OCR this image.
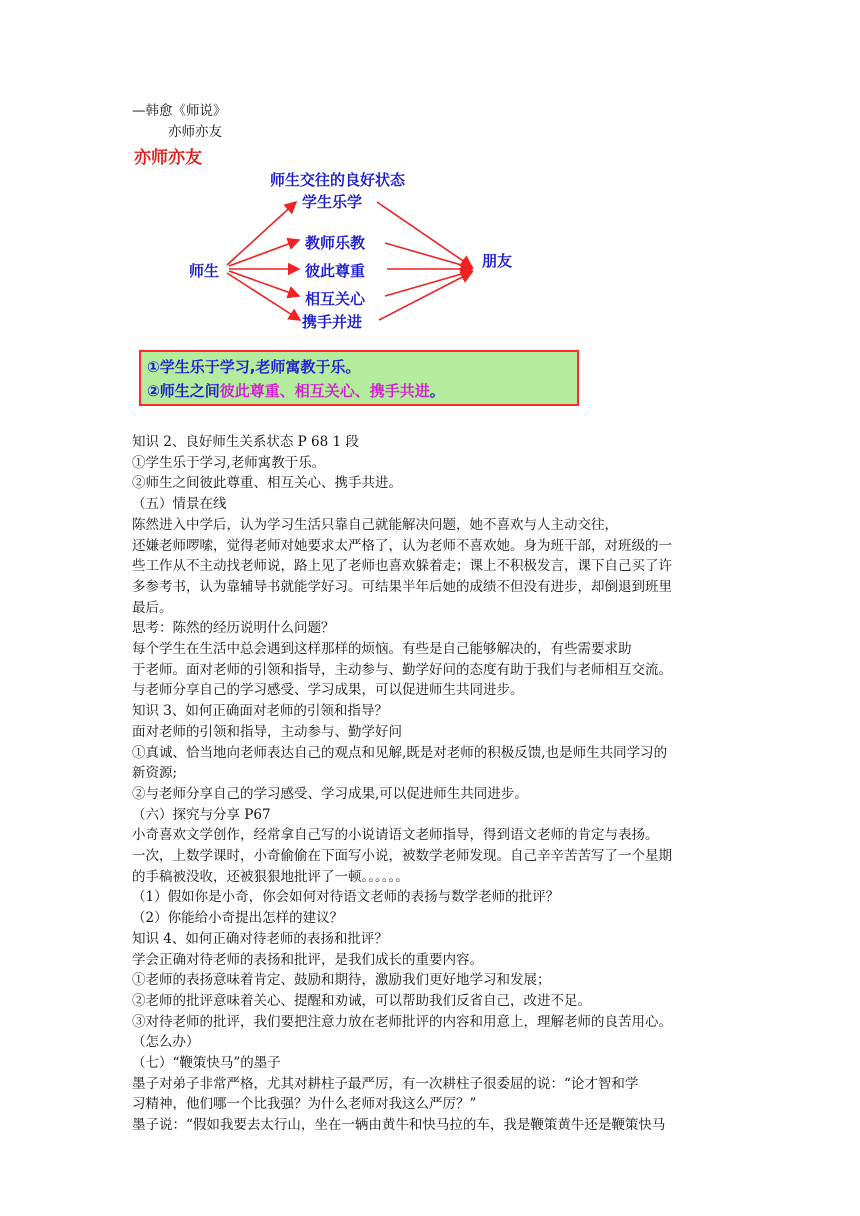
—韩愈《师说》
亦师亦友
亦师亦友
师生交往的良好状态
师生
朋友
学生乐学
教师乐教
彼此尊重
相互关心
携手并进
①学生乐于学习,老师寓教于乐。
②师生之间彼此尊重、相互关心、携手共进。
知识 2、良好师生关系状态 P 68 1 段
①学生乐于学习,老师寓教于乐。
②师生之间彼此尊重、相互关心、携手共进。
（五）情景在线
陈然进入中学后，认为学习生活只靠自己就能解决问题，她不喜欢与人主动交往，
还嫌老师啰嗦，觉得老师对她要求太严格了，认为老师不喜欢她。身为班干部，对班级的一
些工作从不主动找老师说，路上见了老师也喜欢躲着走；课上不积极发言，课下自己买了许
多参考书，认为靠辅导书就能学好习。可结果半年后她的成绩不但没有进步，却倒退到班里
最后。
思考：陈然的经历说明什么问题？
每个学生在生活中总会遇到这样那样的烦恼。有些是自己能够解决的，有些需要求助
于老师。面对老师的引领和指导，主动参与、勤学好问的态度有助于我们与老师相互交流。
与老师分享自己的学习感受、学习成果，可以促进师生共同进步。
知识 3、如何正确面对老师的引领和指导？
面对老师的引领和指导，主动参与、勤学好问
①真诚、恰当地向老师表达自己的观点和见解,既是对老师的积极反馈,也是师生共同学习的
新资源;
②与老师分享自己的学习感受、学习成果,可以促进师生共同进步。
（六）探究与分享 P67
小奇喜欢文学创作，经常拿自己写的小说请语文老师指导，得到语文老师的肯定与表扬。
一次，上数学课时，小奇偷偷在下面写小说，被数学老师发现。自己辛辛苦苦写了一个星期
的手稿被没收，还被狠狠地批评了一顿。。。。。。
（1）假如你是小奇，你会如何对待语文老师的表扬与数学老师的批评？
（2）你能给小奇提出怎样的建议？
知识 4、如何正确对待老师的表扬和批评？
学会正确对待老师的表扬和批评，是我们成长的重要内容。
①老师的表扬意味着肯定、鼓励和期待，激励我们更好地学习和发展；
②老师的批评意味着关心、提醒和劝诫，可以帮助我们反省自己，改进不足。
③对待老师的批评，我们要把注意力放在老师批评的内容和用意上，理解老师的良苦用心。
（怎么办）
（七）“鞭策快马”的墨子
墨子对弟子非常严格，尤其对耕柱子最严厉，有一次耕柱子很委屈的说：“论才智和学
习精神，他们哪一个比我强？为什么老师对我这么严厉？”
墨子说：“假如我要去太行山，坐在一辆由黄牛和快马拉的车，我是鞭策黄牛还是鞭策快马
